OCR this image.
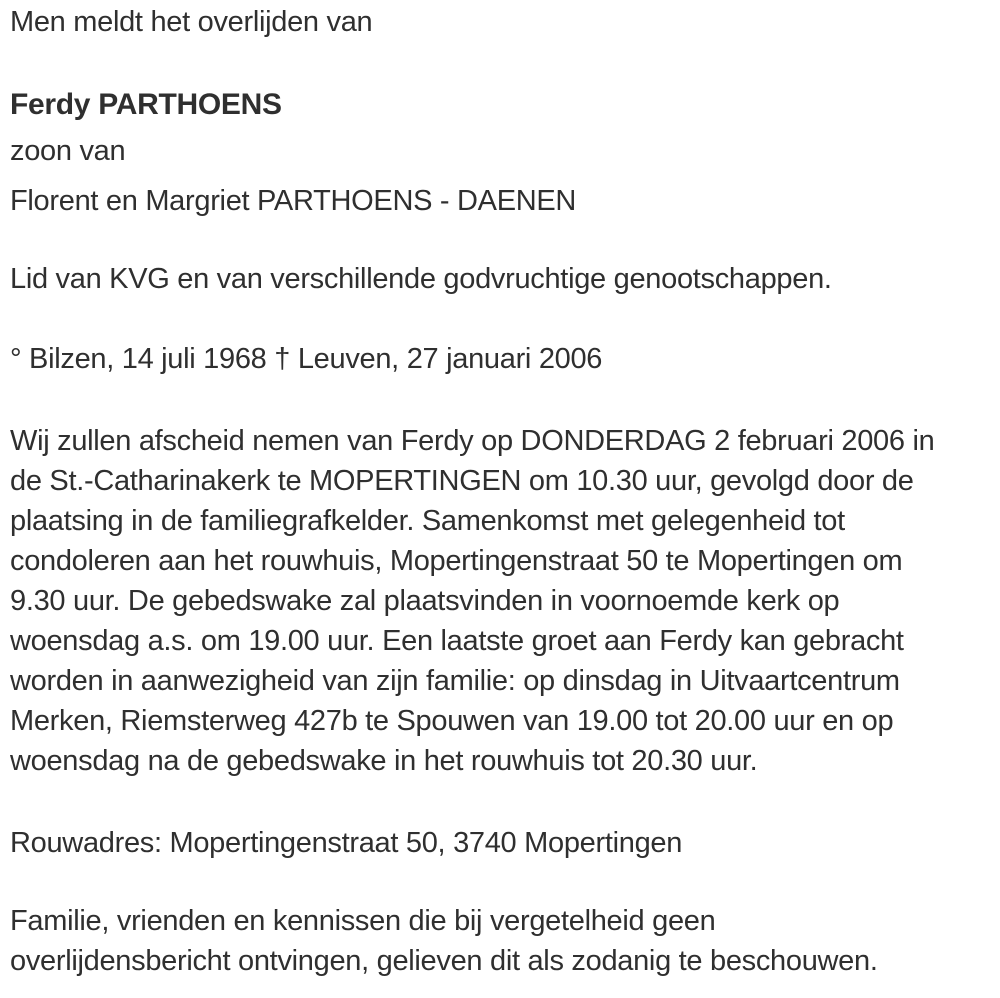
Men meldt het overlijden van
Ferdy PARTHOENS
zoon van
Florent en Margriet PARTHOENS - DAENEN
Lid van KVG en van verschillende godvruchtige genootschappen.
° Bilzen, 14 juli 1968 † Leuven, 27 januari 2006
Wij zullen afscheid nemen van Ferdy op DONDERDAG 2 februari 2006 in
de St.-Catharinakerk te MOPERTINGEN om 10.30 uur, gevolgd door de
plaatsing in de familiegrafkelder. Samenkomst met gelegenheid tot
condoleren aan het rouwhuis, Mopertingenstraat 50 te Mopertingen om
9.30 uur. De gebedswake zal plaatsvinden in voornoemde kerk op
woensdag a.s. om 19.00 uur. Een laatste groet aan Ferdy kan gebracht
worden in aanwezigheid van zijn familie: op dinsdag in Uitvaartcentrum
Merken, Riemsterweg 427b te Spouwen van 19.00 tot 20.00 uur en op
woensdag na de gebedswake in het rouwhuis tot 20.30 uur.
Rouwadres: Mopertingenstraat 50, 3740 Mopertingen
Familie, vrienden en kennissen die bij vergetelheid geen
overlijdensbericht ontvingen, gelieven dit als zodanig te beschouwen.
